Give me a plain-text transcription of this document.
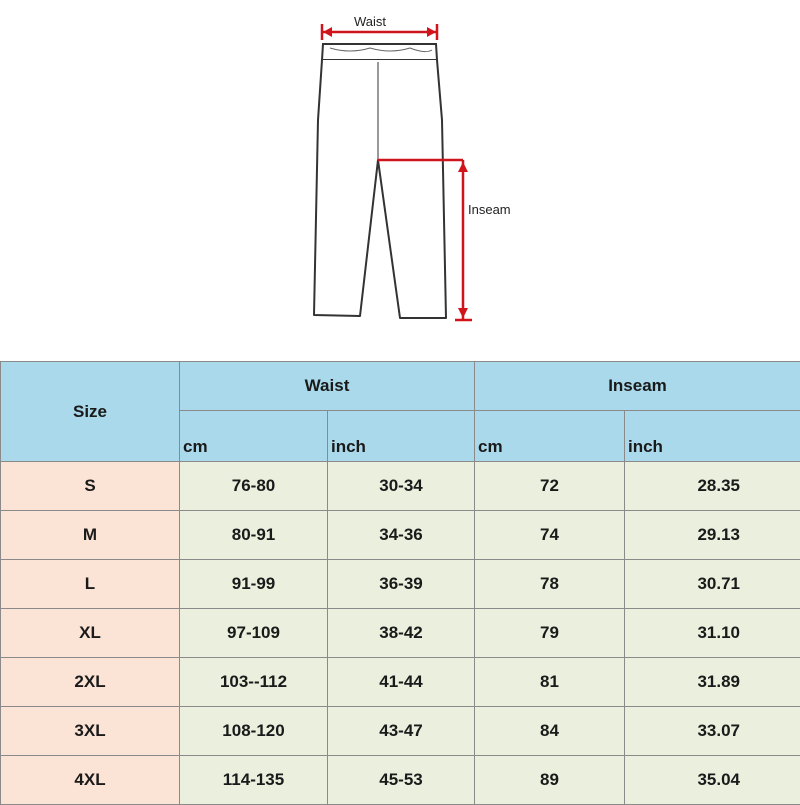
Waist
Inseam
Size	Waist		Inseam	
	cm	inch	cm	inch
S	76-80	30-34	72	28.35
M	80-91	34-36	74	29.13
L	91-99	36-39	78	30.71
XL	97-109	38-42	79	31.10
2XL	103--112	41-44	81	31.89
3XL	108-120	43-47	84	33.07
4XL	114-135	45-53	89	35.04
